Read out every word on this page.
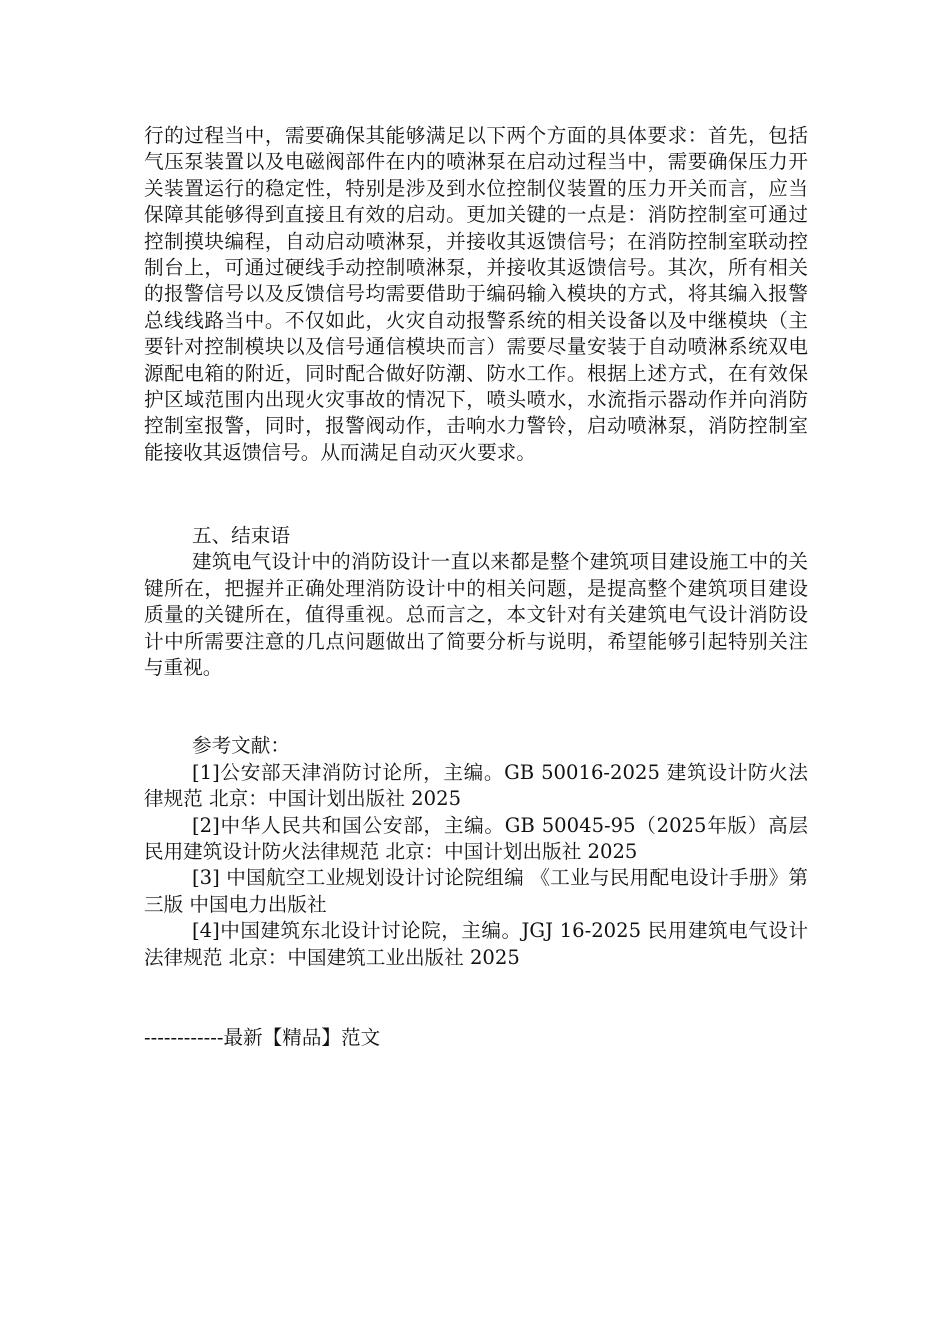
行的过程当中，需要确保其能够满足以下两个方面的具体要求：首先，包括气压泵装置以及电磁阀部件在内的喷淋泵在启动过程当中，需要确保压力开关装置运行的稳定性，特别是涉及到水位控制仪装置的压力开关而言，应当保障其能够得到直接且有效的启动。更加关键的一点是：消防控制室可通过控制摸块编程，自动启动喷淋泵，并接收其返馈信号；在消防控制室联动控制台上，可通过硬线手动控制喷淋泵，并接收其返馈信号。其次，所有相关的报警信号以及反馈信号均需要借助于编码输入模块的方式，将其编入报警总线线路当中。不仅如此，火灾自动报警系统的相关设备以及中继模块（主要针对控制模块以及信号通信模块而言）需要尽量安装于自动喷淋系统双电源配电箱的附近，同时配合做好防潮、防水工作。根据上述方式，在有效保护区域范围内出现火灾事故的情况下，喷头喷水，水流指示器动作并向消防控制室报警，同时，报警阀动作，击响水力警铃，启动喷淋泵，消防控制室能接收其返馈信号。从而满足自动灭火要求。

五、结束语

建筑电气设计中的消防设计一直以来都是整个建筑项目建设施工中的关键所在，把握并正确处理消防设计中的相关问题，是提高整个建筑项目建设质量的关键所在，值得重视。总而言之，本文针对有关建筑电气设计消防设计中所需要注意的几点问题做出了简要分析与说明，希望能够引起特别关注与重视。

参考文献：

[1]公安部天津消防讨论所，主编。GB 50016-2025 建筑设计防火法律规范 北京：中国计划出版社 2025

[2]中华人民共和国公安部，主编。GB 50045-95（2025年版）高层民用建筑设计防火法律规范 北京：中国计划出版社 2025

[3] 中国航空工业规划设计讨论院组编 《工业与民用配电设计手册》第三版 中国电力出版社

[4]中国建筑东北设计讨论院，主编。JGJ 16-2025 民用建筑电气设计法律规范 北京：中国建筑工业出版社 2025

------------最新【精品】范文
